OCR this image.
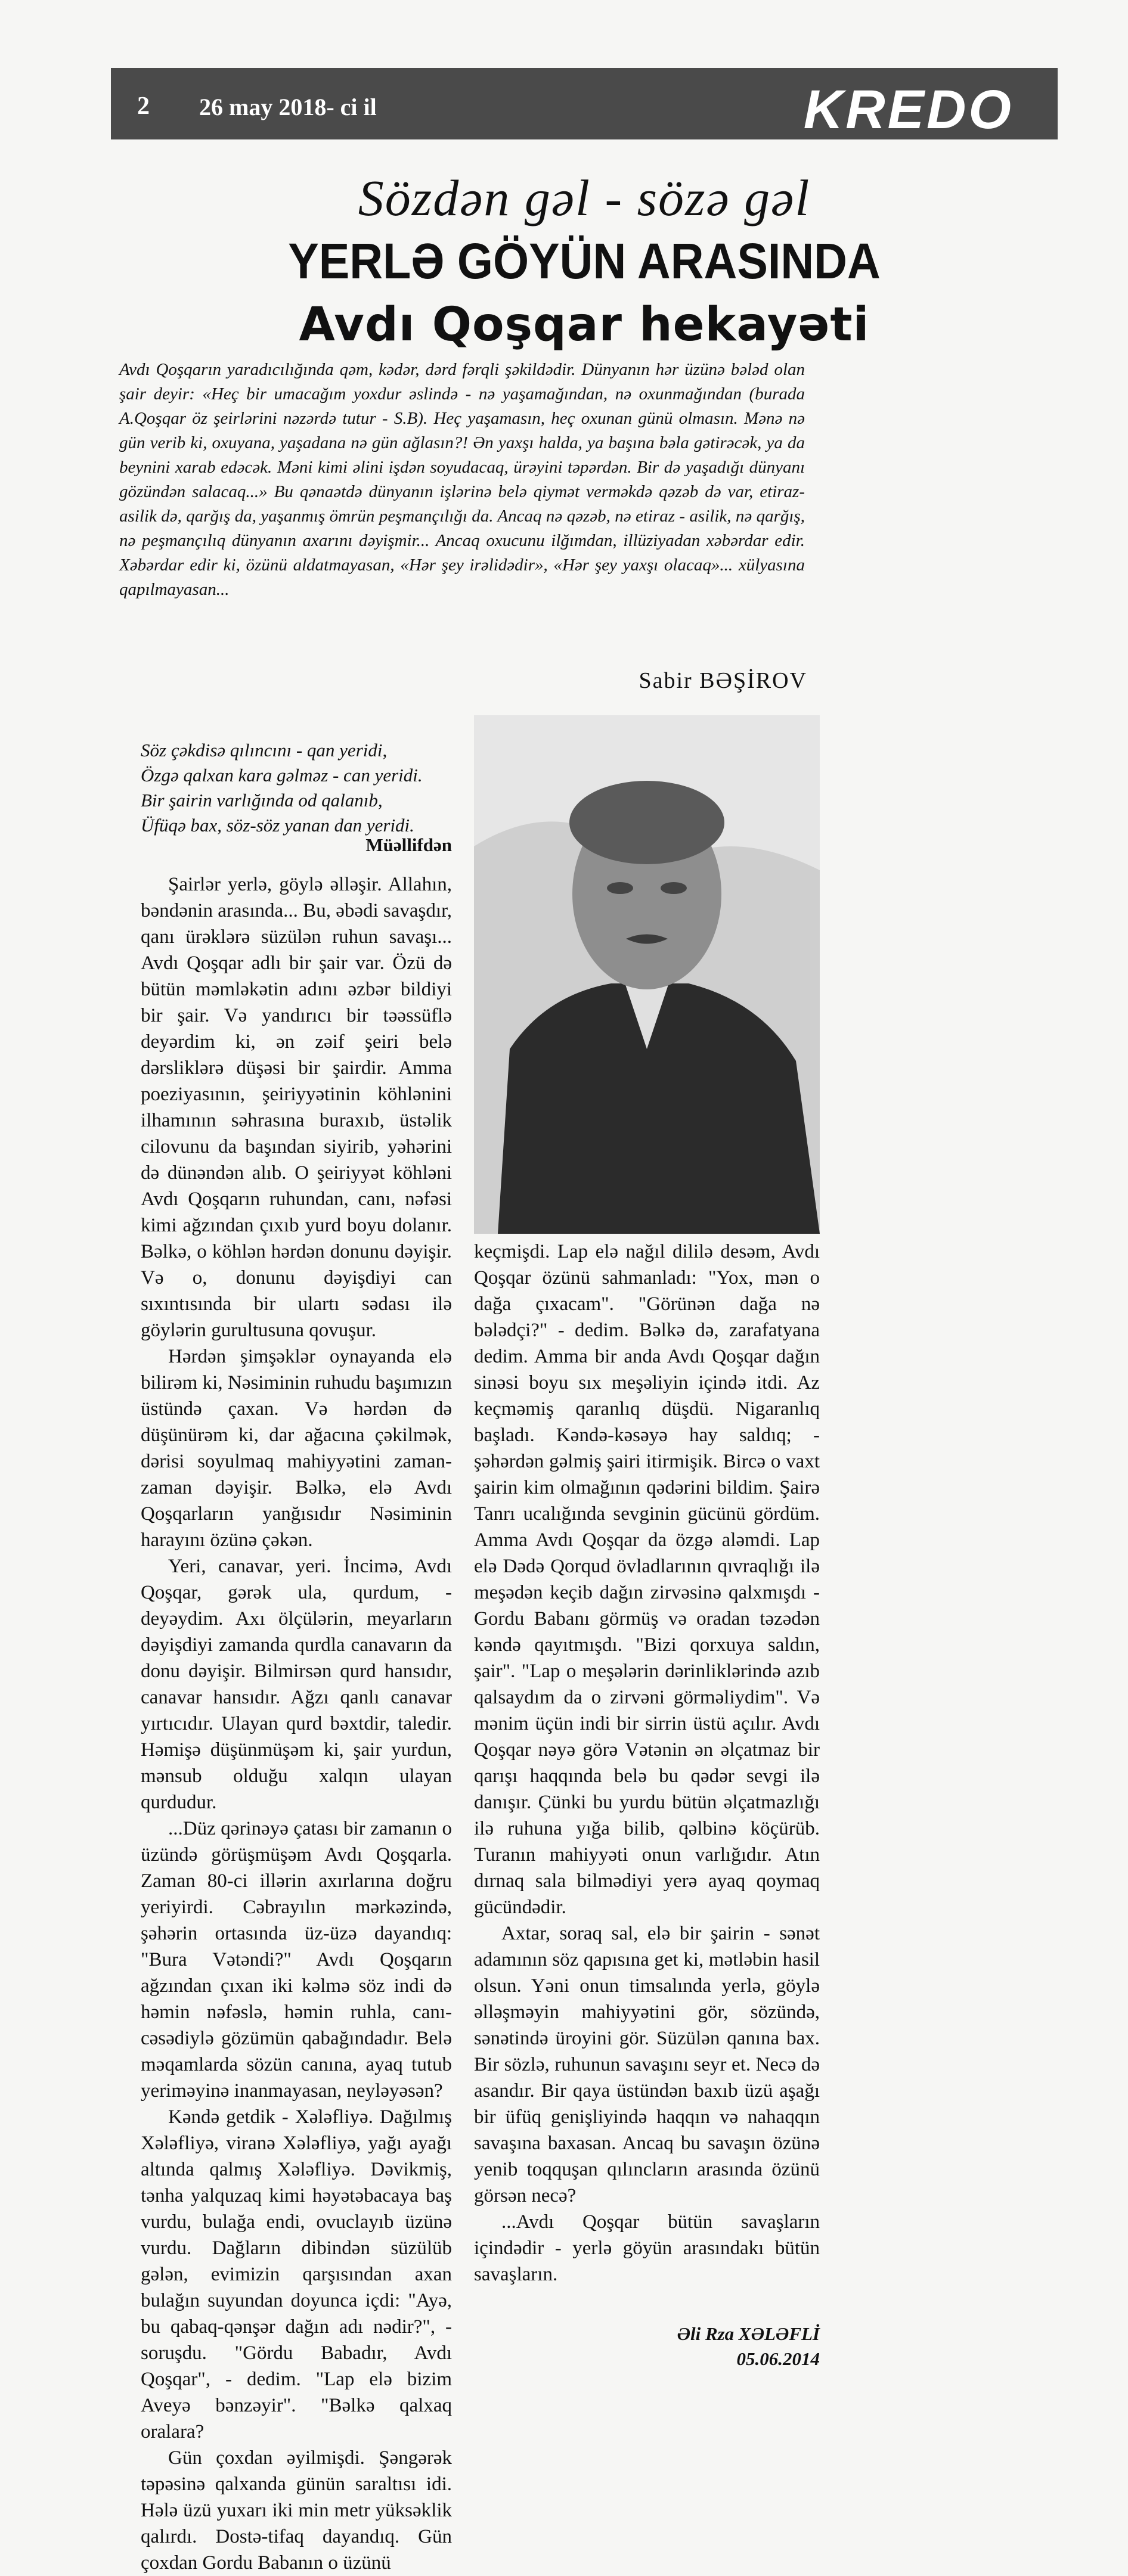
2 26 may 2018- ci il	KREDO
Sözdən gəl - sözə gəl
YERLƏ GÖYÜN ARASINDA
Avdı Qoşqar hekayəti
Avdı Qoşqarın yaradıcılığında qəm, kədər, dərd fərqli şəkildədir. Dünyanın hər üzünə bələd olan şair deyir: «Heç bir umacağım yoxdur əslində - nə yaşamağından, nə oxunmağından (burada A.Qoşqar öz şeirlərini nəzərdə tutur - S.B). Heç yaşamasın, heç oxunan günü olmasın. Mənə nə gün verib ki, oxuyana, yaşadana nə gün ağlasın?! Ən yaxşı halda, ya başına bəla gətirəcək, ya da beynini xarab edəcək. Məni kimi əlini işdən soyudacaq, ürəyini təpərdən. Bir də yaşadığı dünyanı gözündən salacaq...» Bu qənaətdə dünyanın işlərinə belə qiymət verməkdə qəzəb də var, etiraz-asilik də, qarğış da, yaşanmış ömrün peşmançılığı da. Ancaq nə qəzəb, nə etiraz - asilik, nə qarğış, nə peşmançılıq dünyanın axarını dəyişmir... Ancaq oxucunu ilğımdan, illüziyadan xəbərdar edir. Xəbərdar edir ki, özünü aldatmayasan, «Hər şey irəlidədir», «Hər şey yaxşı olacaq»... xülyasına qapılmayasan...
Sabir BƏŞİROV
Söz çəkdisə qılıncını - qan yeridi,
Özgə qalxan kara gəlməz - can yeridi.
Bir şairin varlığında od qalanıb,
Üfüqə bax, söz-söz yanan dan yeridi.
Müəllifdən

Şairlər yerlə, göylə əlləşir. Allahın, bəndənin arasında... Bu, əbədi savaşdır, qanı ürəklərə süzülən ruhun savaşı... Avdı Qoşqar adlı bir şair var. Özü də bütün məmləkətin adını əzbər bildiyi bir şair. Və yandırıcı bir təəssüflə deyərdim ki, ən zəif şeiri belə dərsliklərə düşəsi bir şairdir. Amma poeziyasının, şeiriyyətinin köhlənini ilhamının səhrasına buraxıb, üstəlik cilovunu da başından siyirib, yəhərini də dünəndən alıb. O şeiriyyət köhləni Avdı Qoşqarın ruhundan, canı, nəfəsi kimi ağzından çıxıb yurd boyu dolanır. Bəlkə, o köhlən hərdən donunu dəyişir. Və o, donunu dəyişdiyi can sıxıntısında bir ulartı sədası ilə göylərin gurultusuna qovuşur.

Hərdən şimşəklər oynayanda elə bilirəm ki, Nəsiminin ruhudu başımızın üstündə çaxan. Və hərdən də düşünürəm ki, dar ağacına çəkilmək, dərisi soyulmaq mahiyyətini zaman-zaman dəyişir. Bəlkə, elə Avdı Qoşqarların yanğısıdır Nəsiminin harayını özünə çəkən.

Yeri, canavar, yeri. İncimə, Avdı Qoşqar, gərək ula, qurdum, - deyəydim. Axı ölçülərin, meyarların dəyişdiyi zamanda qurdla canavarın da donu dəyişir. Bilmirsən qurd hansıdır, canavar hansıdır. Ağzı qanlı canavar yırtıcıdır. Ulayan qurd bəxtdir, taledir. Həmişə düşünmüşəm ki, şair yurdun, mənsub olduğu xalqın ulayan qurdudur.

...Düz qərinəyə çatası bir zamanın o üzündə görüşmüşəm Avdı Qoşqarla. Zaman 80-ci illərin axırlarına doğru yeriyirdi. Cəbrayılın mərkəzində, şəhərin ortasında üz-üzə dayandıq: "Bura Vətəndi?" Avdı Qoşqarın ağzından çıxan iki kəlmə söz indi də həmin nəfəslə, həmin ruhla, canı-cəsədiylə gözümün qabağındadır. Belə məqamlarda sözün canına, ayaq tutub yeriməyinə inanmayasan, neyləyəsən?

Kəndə getdik - Xələfliyə. Dağılmış Xələfliyə, viranə Xələfliyə, yağı ayağı altında qalmış Xələfliyə. Dəvikmiş, tənha yalquzaq kimi həyətəbacaya baş vurdu, bulağa endi, ovuclayıb üzünə vurdu. Dağların dibindən süzülüb gələn, evimizin qarşısından axan bulağın suyundan doyunca içdi: "Ayə, bu qabaq-qənşər dağın adı nədir?", - soruşdu. "Gördu Babadır, Avdı Qoşqar", - dedim. "Lap elə bizim Aveyə bənzəyir". "Bəlkə qalxaq oralara?

Gün çoxdan əyilmişdi. Şəngərək təpəsinə qalxanda günün saraltısı idi. Hələ üzü yuxarı iki min metr yüksəklik qalırdı. Dostə-tifaq dayandıq. Gün çoxdan Gordu Babanın o üzünü

keçmişdi. Lap elə nağıl dililə desəm, Avdı Qoşqar özünü sahmanladı: "Yox, mən o dağa çıxacam". "Görünən dağa nə bələdçi?" - dedim. Bəlkə də, zarafatyana dedim. Amma bir anda Avdı Qoşqar dağın sinəsi boyu sıx meşəliyin içində itdi. Az keçməmiş qaranlıq düşdü. Nigaranlıq başladı. Kəndə-kəsəyə hay saldıq; - şəhərdən gəlmiş şairi itirmişik. Bircə o vaxt şairin kim olmağının qədərini bildim. Şairə Tanrı ucalığında sevginin gücünü gördüm. Amma Avdı Qoşqar da özgə aləmdi. Lap elə Dədə Qorqud övladlarının qıvraqlığı ilə meşədən keçib dağın zirvəsinə qalxmışdı - Gordu Babanı görmüş və oradan təzədən kəndə qayıtmışdı. "Bizi qorxuya saldın, şair". "Lap o meşələrin dərinliklərində azıb qalsaydım da o zirvəni görməliydim". Və mənim üçün indi bir sirrin üstü açılır. Avdı Qoşqar nəyə görə Vətənin ən əlçatmaz bir qarışı haqqında belə bu qədər sevgi ilə danışır. Çünki bu yurdu bütün əlçatmazlığı ilə ruhuna yığa bilib, qəlbinə köçürüb. Turanın mahiyyəti onun varlığıdır. Atın dırnaq sala bilmədiyi yerə ayaq qoymaq gücündədir.

Axtar, soraq sal, elə bir şairin - sənət adamının söz qapısına get ki, mətləbin hasil olsun. Yəni onun timsalında yerlə, göylə əlləşməyin mahiyyətini gör, sözündə, sənətində üroyini gör. Süzülən qanına bax. Bir sözlə, ruhunun savaşını seyr et. Necə də asandır. Bir qaya üstündən baxıb üzü aşağı bir üfüq genişliyində haqqın və nahaqqın savaşına baxasan. Ancaq bu savaşın özünə yenib toqquşan qılıncların arasında özünü görsən necə?

...Avdı Qoşqar bütün savaşların içindədir - yerlə göyün arasındakı bütün savaşların.

Əli Rza XƏLƏFLİ
05.06.2014
